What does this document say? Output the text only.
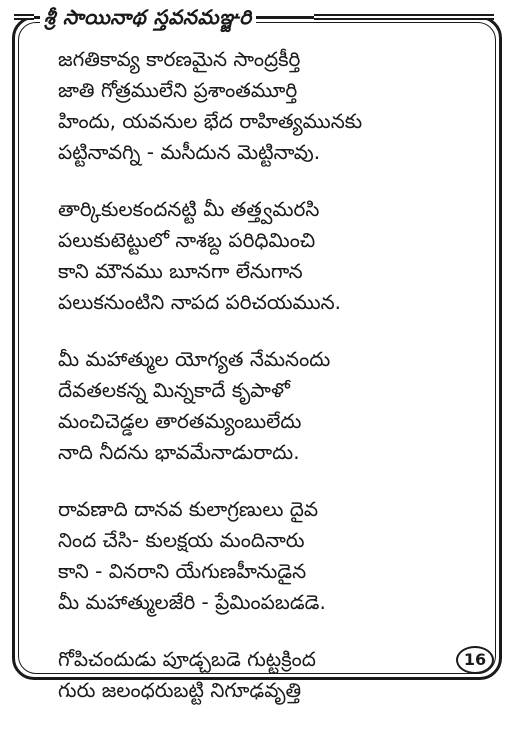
శ్రీ సాయినాథ స్తవనమఞ్జరి
జగతికావ్య కారణమైన సాంద్రకీర్తి
జాతి గోత్రములేని ప్రశాంతమూర్తి
హిందు, యవనుల భేద రాహిత్యమునకు
పట్టినావగ్ని - మసీదున మెట్టినావు.
తార్కికులకందనట్టి మీ తత్త్వమరసి
పలుకుటెట్టులో నాశబ్ద పరిధిమించి
కాని మౌనము బూనగా లేనుగాన
పలుకనుంటిని నాపద పరిచయమున.
మీ మహాత్ముల యోగ్యత నేమనందు
దేవతలకన్న మిన్నకాదే కృపాళో
మంచిచెడ్డల తారతమ్యంబులేదు
నాది నీదను భావమేనాడురాదు.
రావణాది దానవ కులాగ్రణులు దైవ
నింద చేసి- కులక్షయ మందినారు
కాని - వినరాని యేగుణహీనుడైన
మీ మహాత్ములజేరి - ప్రేమింపబడడె.
గోపిచందుడు పూడ్చబడె గుట్టక్రింద
గురు జలంధరుబట్టి నిగూఢవృత్తి
16
